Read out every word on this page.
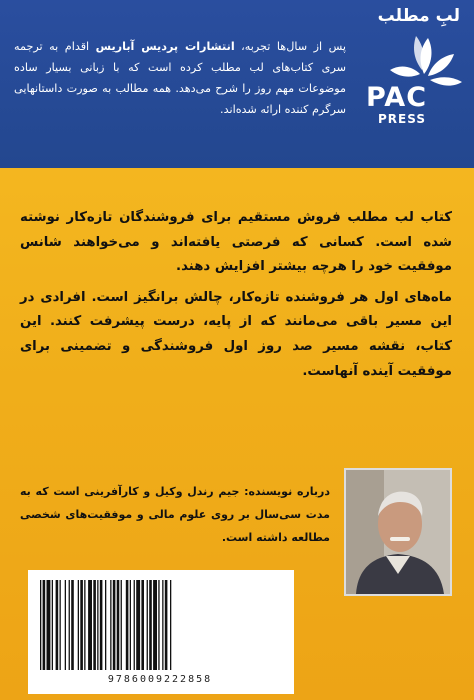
لبِ مطلب
پس از سال‌ها تجربه، انتشارات پردیس آباریس اقدام به ترجمه سری کتاب‌های لب مطلب کرده است که با زبانی بسیار ساده موضوعات مهم روز را شرح می‌دهد. همه مطالب به صورت داستانهایی سرگرم کننده ارائه شده‌اند. PAC
PRESS

کتاب لب مطلب فروش مستقیم برای فروشندگان تازه‌کار نوشته شده است. کسانی که فرصتی یافته‌اند و می‌خواهند شانس موفقیت خود را هرچه بیشتر افزایش دهند.

ماه‌های اول هر فروشنده تازه‌کار، چالش برانگیز است. افرادی در این مسیر باقی می‌مانند که از پایه، درست پیشرفت کنند. این کتاب، نقشه مسیر صد روز اول فروشندگی و تضمینی برای موفقیت آینده آنهاست.

درباره نویسنده: جیم رندل وکیل و کارآفرینی است که به مدت سی‌سال بر روی علوم مالی و موفقیت‌های شخصی مطالعه داشته است.
9786009222858
